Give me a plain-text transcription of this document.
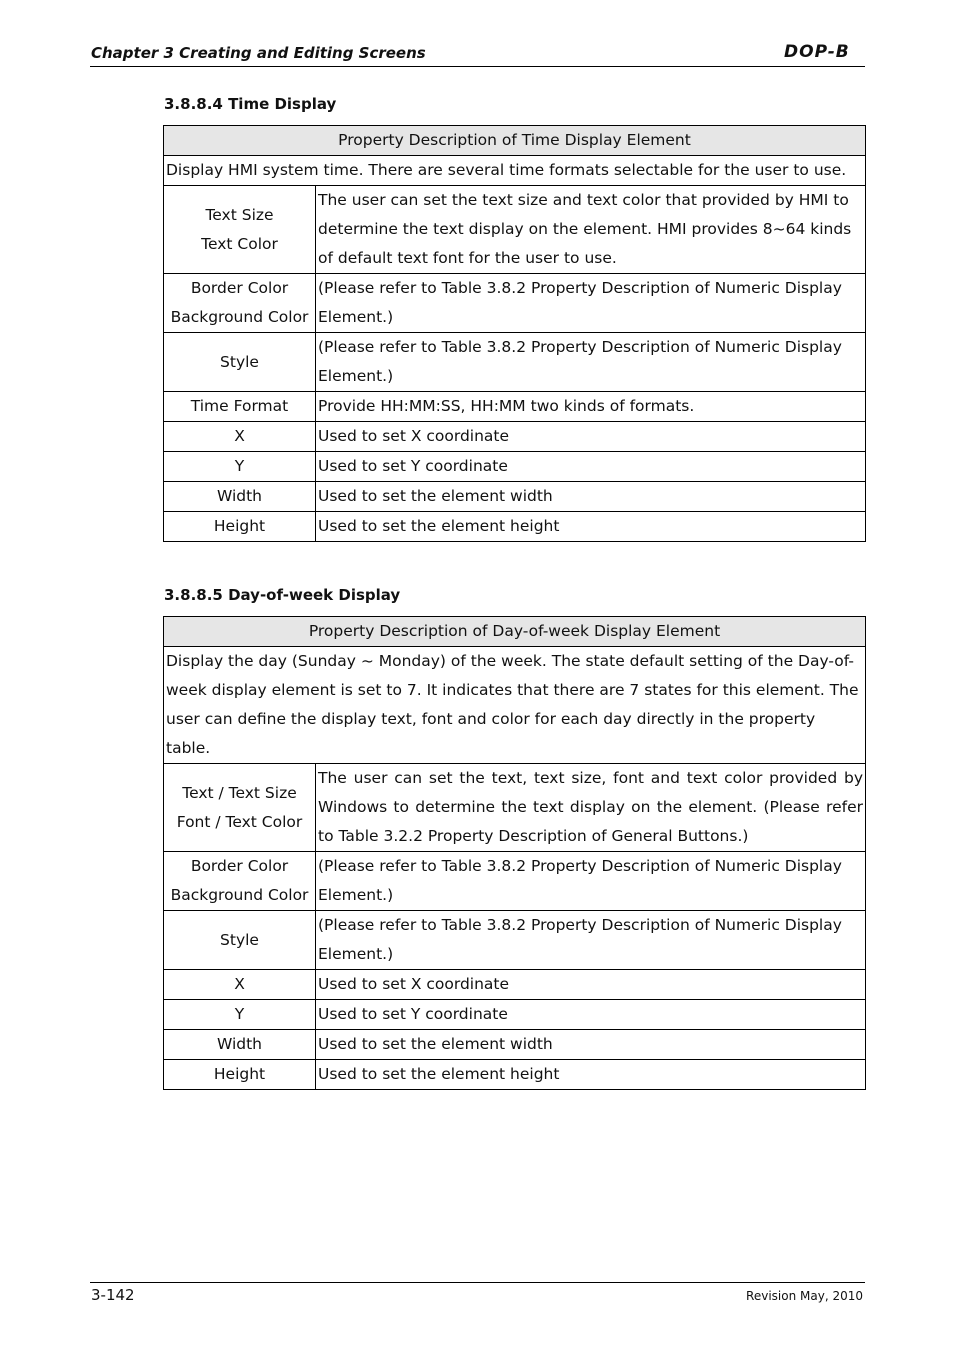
Chapter 3 Creating and Editing Screens	DOP-B
3.8.8.4 Time Display
Property Description of Time Display Element	
Display HMI system time. There are several time formats selectable for the user to use.	

Text Size
Text Color	The user can set the text size and text color that provided by HMI to determine the text display on the element. HMI provides 8~64 kinds of default text font for the user to use.

Border Color
Background Color	(Please refer to Table 3.8.2 Property Description of Numeric Display Element.)
Style	(Please refer to Table 3.8.2 Property Description of Numeric Display Element.)
Time Format	Provide HH:MM:SS, HH:MM two kinds of formats.
X	Used to set X coordinate
Y	Used to set Y coordinate
Width	Used to set the element width
Height	Used to set the element height
3.8.8.5 Day-of-week Display
Property Description of Day-of-week Display Element	
Display the day (Sunday ~ Monday) of the week. The state default setting of the Day-of-week display element is set to 7. It indicates that there are 7 states for this element. The user can define the display text, font and color for each day directly in the property table.	

Text / Text Size
Font / Text Color	The user can set the text, text size, font and text color provided by Windows to determine the text display on the element. (Please refer to Table 3.2.2 Property Description of General Buttons.)

Border Color
Background Color	(Please refer to Table 3.8.2 Property Description of Numeric Display Element.)
Style	(Please refer to Table 3.8.2 Property Description of Numeric Display Element.)
X	Used to set X coordinate
Y	Used to set Y coordinate
Width	Used to set the element width
Height	Used to set the element height
3-142	Revision May, 2010
